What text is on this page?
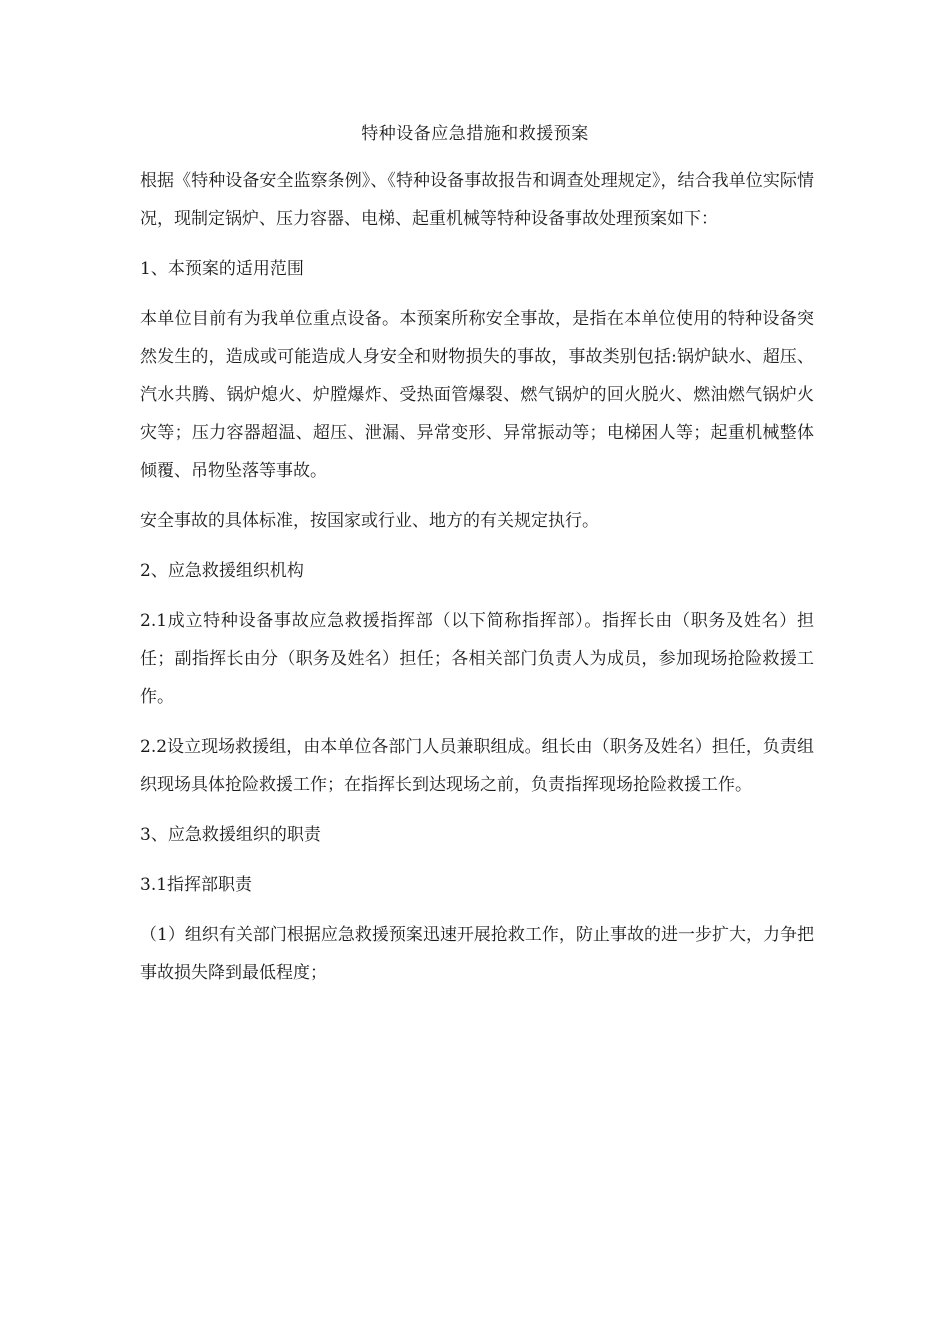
特种设备应急措施和救援预案

根据《特种设备安全监察条例》、《特种设备事故报告和调查处理规定》，结合我单位实际情况，现制定锅炉、压力容器、电梯、起重机械等特种设备事故处理预案如下：

1、本预案的适用范围

本单位目前有为我单位重点设备。本预案所称安全事故，是指在本单位使用的特种设备突然发生的，造成或可能造成人身安全和财物损失的事故，事故类别包括:锅炉缺水、超压、汽水共腾、锅炉熄火、炉膛爆炸、受热面管爆裂、燃气锅炉的回火脱火、燃油燃气锅炉火灾等；压力容器超温、超压、泄漏、异常变形、异常振动等；电梯困人等；起重机械整体倾覆、吊物坠落等事故。

安全事故的具体标准，按国家或行业、地方的有关规定执行。

2、应急救援组织机构

2.1成立特种设备事故应急救援指挥部（以下简称指挥部）。指挥长由（职务及姓名）担任；副指挥长由分（职务及姓名）担任；各相关部门负责人为成员，参加现场抢险救援工作。

2.2设立现场救援组，由本单位各部门人员兼职组成。组长由（职务及姓名）担任，负责组织现场具体抢险救援工作；在指挥长到达现场之前，负责指挥现场抢险救援工作。

3、应急救援组织的职责

3.1指挥部职责

（1）组织有关部门根据应急救援预案迅速开展抢救工作，防止事故的进一步扩大，力争把事故损失降到最低程度；
